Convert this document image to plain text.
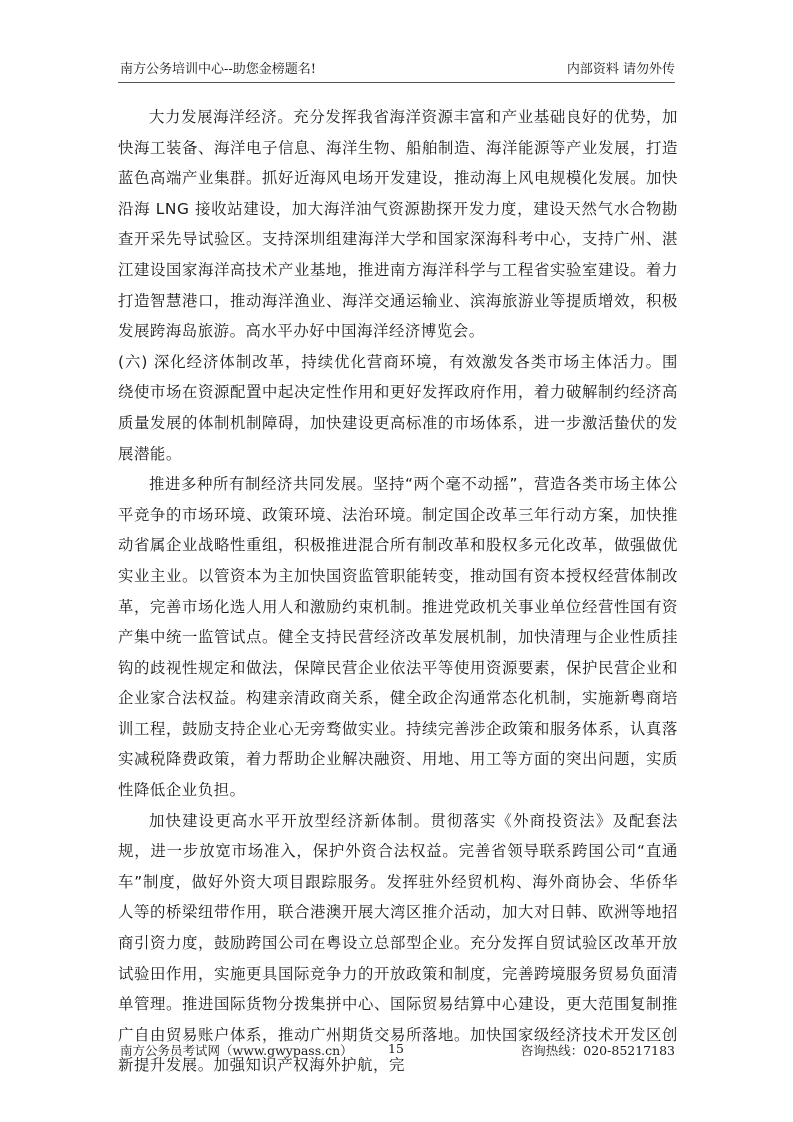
南方公务培训中心--助您金榜题名!	内部资料 请勿外传

大力发展海洋经济。充分发挥我省海洋资源丰富和产业基础良好的优势，加快海工装备、海洋电子信息、海洋生物、船舶制造、海洋能源等产业发展，打造蓝色高端产业集群。抓好近海风电场开发建设，推动海上风电规模化发展。加快沿海 LNG 接收站建设，加大海洋油气资源勘探开发力度，建设天然气水合物勘查开采先导试验区。支持深圳组建海洋大学和国家深海科考中心，支持广州、湛江建设国家海洋高技术产业基地，推进南方海洋科学与工程省实验室建设。着力打造智慧港口，推动海洋渔业、海洋交通运输业、滨海旅游业等提质增效，积极发展跨海岛旅游。高水平办好中国海洋经济博览会。

(六) 深化经济体制改革，持续优化营商环境，有效激发各类市场主体活力。围绕使市场在资源配置中起决定性作用和更好发挥政府作用，着力破解制约经济高质量发展的体制机制障碍，加快建设更高标准的市场体系，进一步激活蛰伏的发展潜能。

推进多种所有制经济共同发展。坚持“两个毫不动摇”，营造各类市场主体公平竞争的市场环境、政策环境、法治环境。制定国企改革三年行动方案，加快推动省属企业战略性重组，积极推进混合所有制改革和股权多元化改革，做强做优实业主业。以管资本为主加快国资监管职能转变，推动国有资本授权经营体制改革，完善市场化选人用人和激励约束机制。推进党政机关事业单位经营性国有资产集中统一监管试点。健全支持民营经济改革发展机制，加快清理与企业性质挂钩的歧视性规定和做法，保障民营企业依法平等使用资源要素，保护民营企业和企业家合法权益。构建亲清政商关系，健全政企沟通常态化机制，实施新粤商培训工程，鼓励支持企业心无旁骛做实业。持续完善涉企政策和服务体系，认真落实减税降费政策，着力帮助企业解决融资、用地、用工等方面的突出问题，实质性降低企业负担。

加快建设更高水平开放型经济新体制。贯彻落实《外商投资法》及配套法规，进一步放宽市场准入，保护外资合法权益。完善省领导联系跨国公司“直通车”制度，做好外资大项目跟踪服务。发挥驻外经贸机构、海外商协会、华侨华人等的桥梁纽带作用，联合港澳开展大湾区推介活动，加大对日韩、欧洲等地招商引资力度，鼓励跨国公司在粤设立总部型企业。充分发挥自贸试验区改革开放试验田作用，实施更具国际竞争力的开放政策和制度，完善跨境服务贸易负面清单管理。推进国际货物分拨集拼中心、国际贸易结算中心建设，更大范围复制推广自由贸易账户体系，推动广州期货交易所落地。加快国家级经济技术开发区创新提升发展。加强知识产权海外护航，完

南方公务员考试网（www.gwypass.cn）	15	咨询热线：020-85217183
